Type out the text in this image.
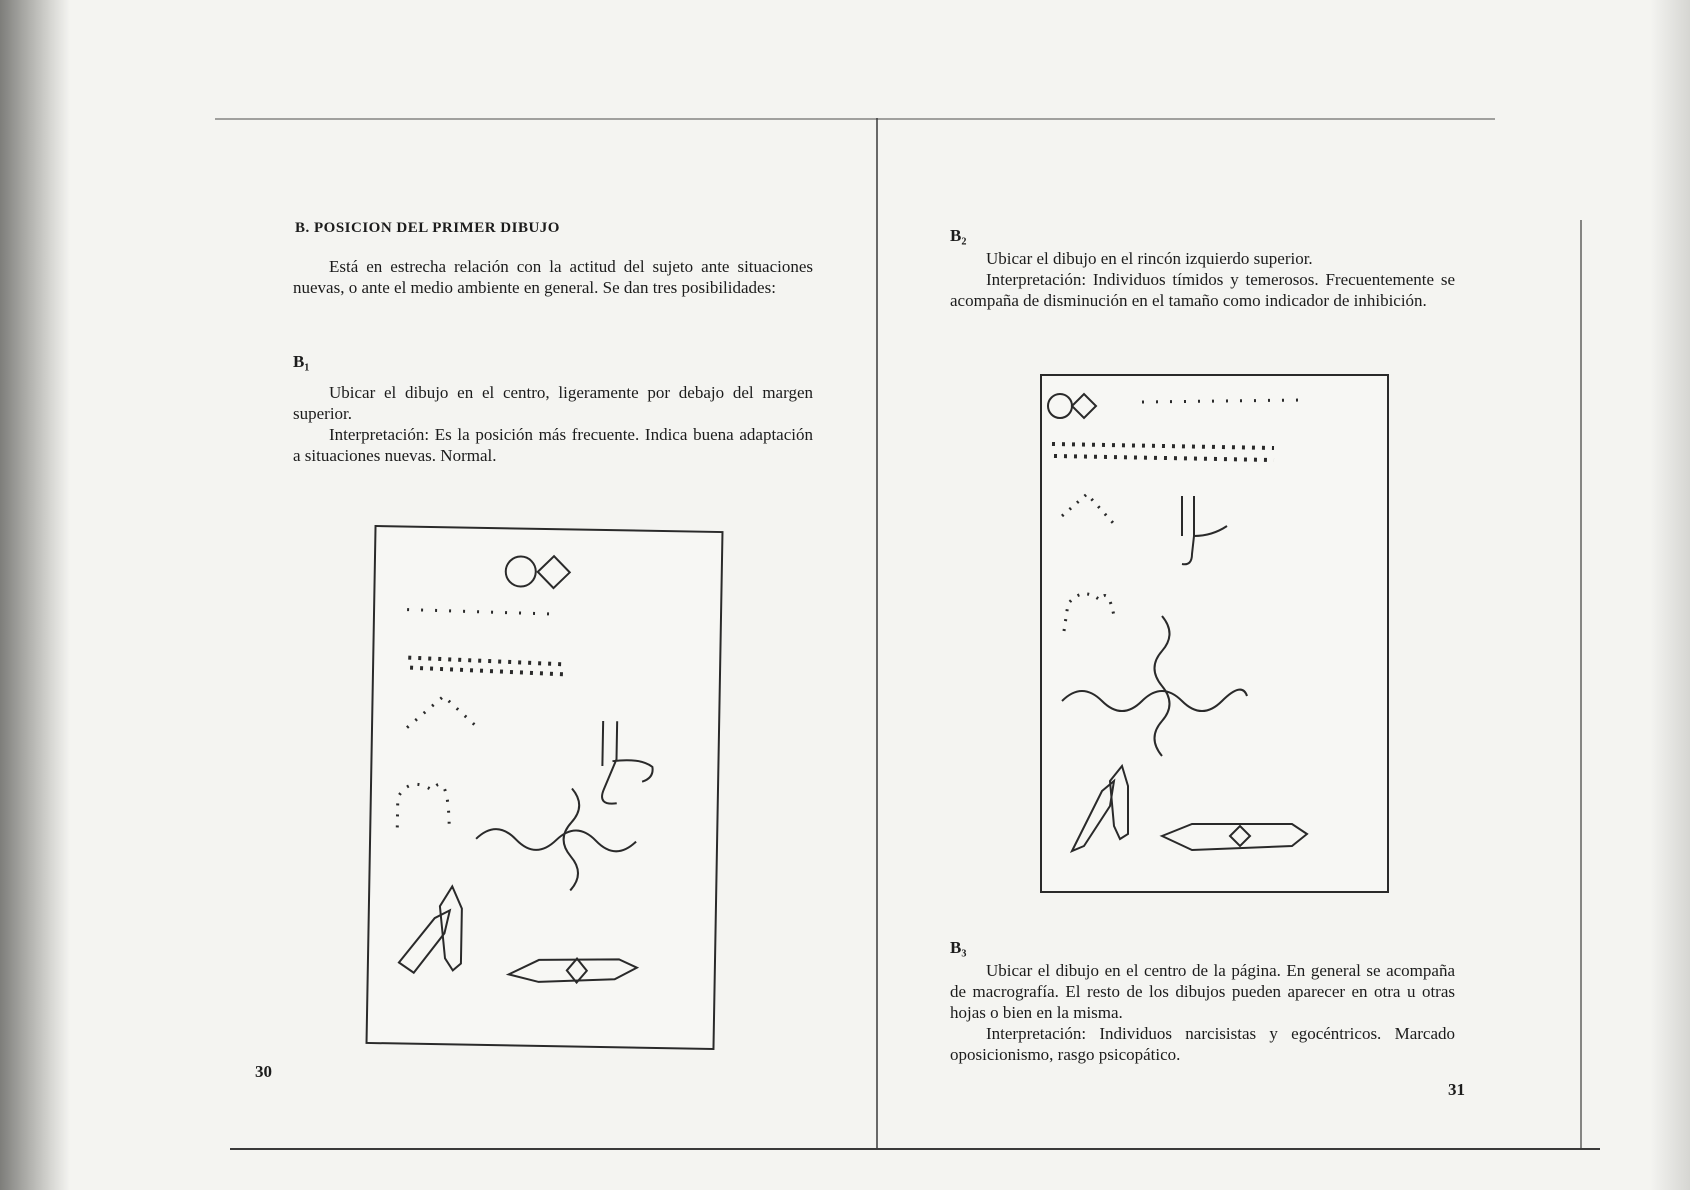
B. POSICION DEL PRIMER DIBUJO

Está en estrecha relación con la actitud del sujeto ante situaciones nuevas, o ante el medio ambiente en general. Se dan tres posibilidades:

B₁

Ubicar el dibujo en el centro, ligeramente por debajo del margen superior.
Interpretación: Es la posición más frecuente. Indica buena adaptación a situaciones nuevas. Normal.

30
B₂

Ubicar el dibujo en el rincón izquierdo superior.
Interpretación: Individuos tímidos y temerosos. Frecuentemente se acompaña de disminución en el tamaño como indicador de inhibición.

B₃

Ubicar el dibujo en el centro de la página. En general se acompaña de macrografía. El resto de los dibujos pueden aparecer en otra u otras hojas o bien en la misma.
Interpretación: Individuos narcisistas y egocéntricos. Marcado oposicionismo, rasgo psicopático.

31
